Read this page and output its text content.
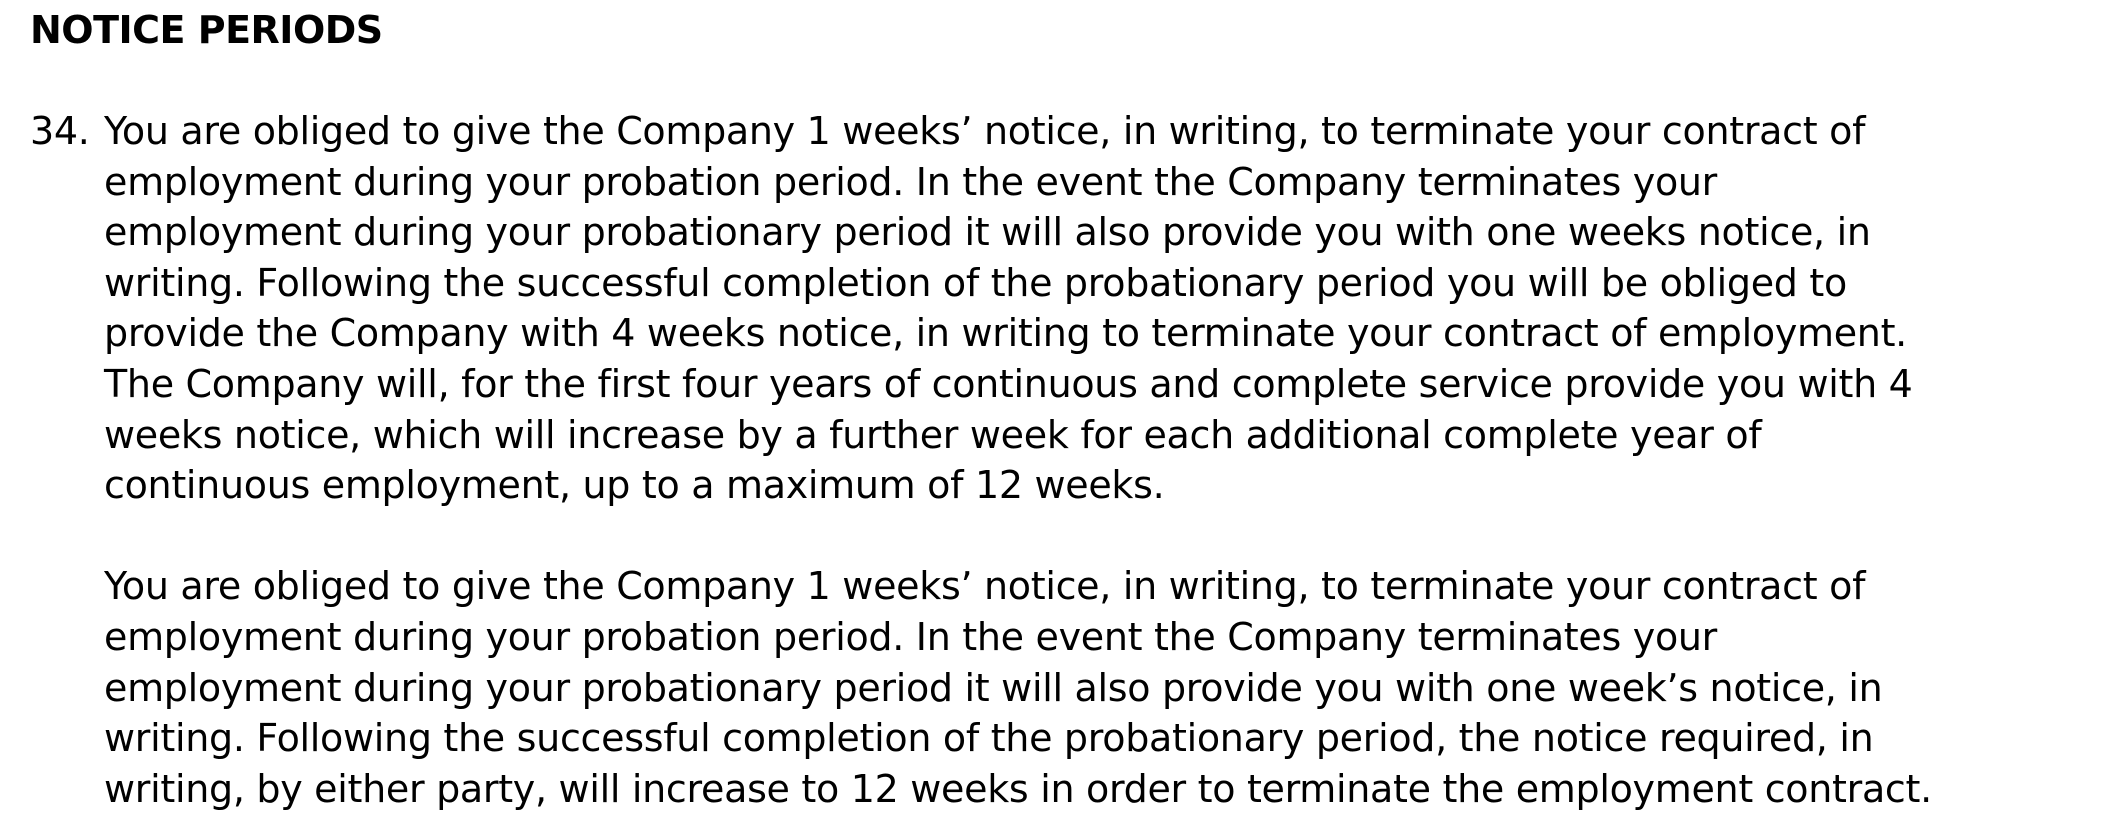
NOTICE PERIODS
34. You are obliged to give the Company 1 weeks’ notice, in writing, to terminate your contract of
employment during your probation period. In the event the Company terminates your
employment during your probationary period it will also provide you with one weeks notice, in
writing. Following the successful completion of the probationary period you will be obliged to
provide the Company with 4 weeks notice, in writing to terminate your contract of employment.
The Company will, for the first four years of continuous and complete service provide you with 4
weeks notice, which will increase by a further week for each additional complete year of
continuous employment, up to a maximum of 12 weeks.

You are obliged to give the Company 1 weeks’ notice, in writing, to terminate your contract of
employment during your probation period. In the event the Company terminates your
employment during your probationary period it will also provide you with one week’s notice, in
writing. Following the successful completion of the probationary period, the notice required, in
writing, by either party, will increase to 12 weeks in order to terminate the employment contract.
